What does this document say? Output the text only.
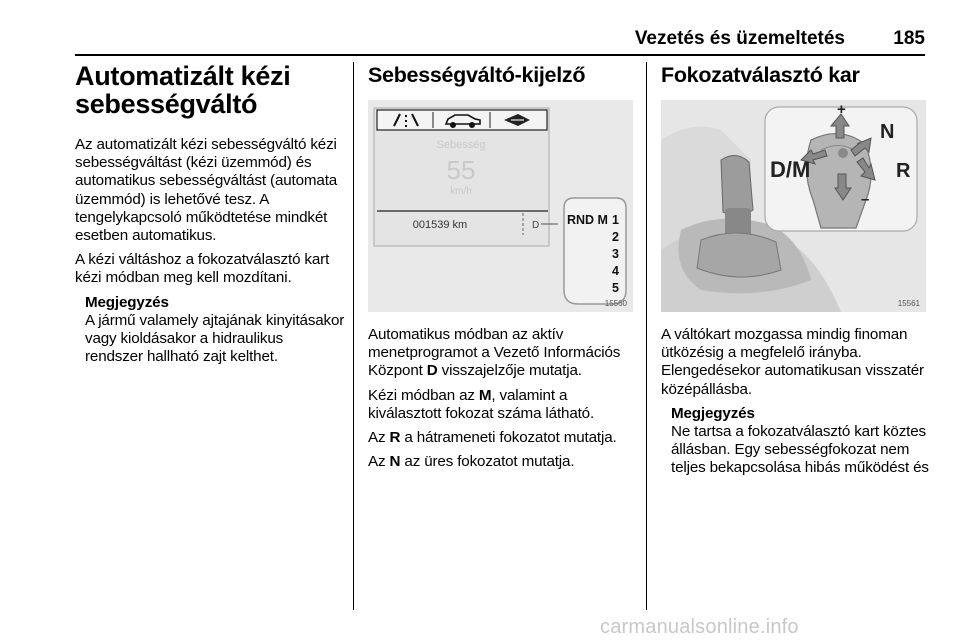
Vezetés és üzemeltetés	185
Automatizált kézi
sebességváltó

Az automatizált kézi sebességváltó kézi sebességváltást (kézi üzemmód) és automatikus sebességváltást (automata üzemmód) is lehetővé tesz. A tengelykapcsoló működtetése mindkét esetben automatikus.

A kézi váltáshoz a fokozatválasztó kart kézi módban meg kell mozdítani.

Megjegyzés

A jármű valamely ajtajának kinyitásakor vagy kioldásakor a hidraulikus rendszer hallható zajt kelthet.

Sebességváltó-kijelző
Sebesség
55
km/h
001539 km	D RND M 1
2
3
4
5
15560

Automatikus módban az aktív menetprogramot a Vezető Információs Központ D visszajelzője mutatja.

Kézi módban az M, valamint a kiválasztott fokozat száma látható.

Az R a hátrameneti fokozatot mutatja.

Az N az üres fokozatot mutatja.

Fokozatválasztó kar
D/M
N
R
+
–
15561

A váltókart mozgassa mindig finoman ütközésig a megfelelő irányba. Elengedésekor automatikusan visszatér középállásba.

Megjegyzés

Ne tartsa a fokozatválasztó kart köztes állásban. Egy sebességfokozat nem teljes bekapcsolása hibás működést és

carmanualsonline.info
